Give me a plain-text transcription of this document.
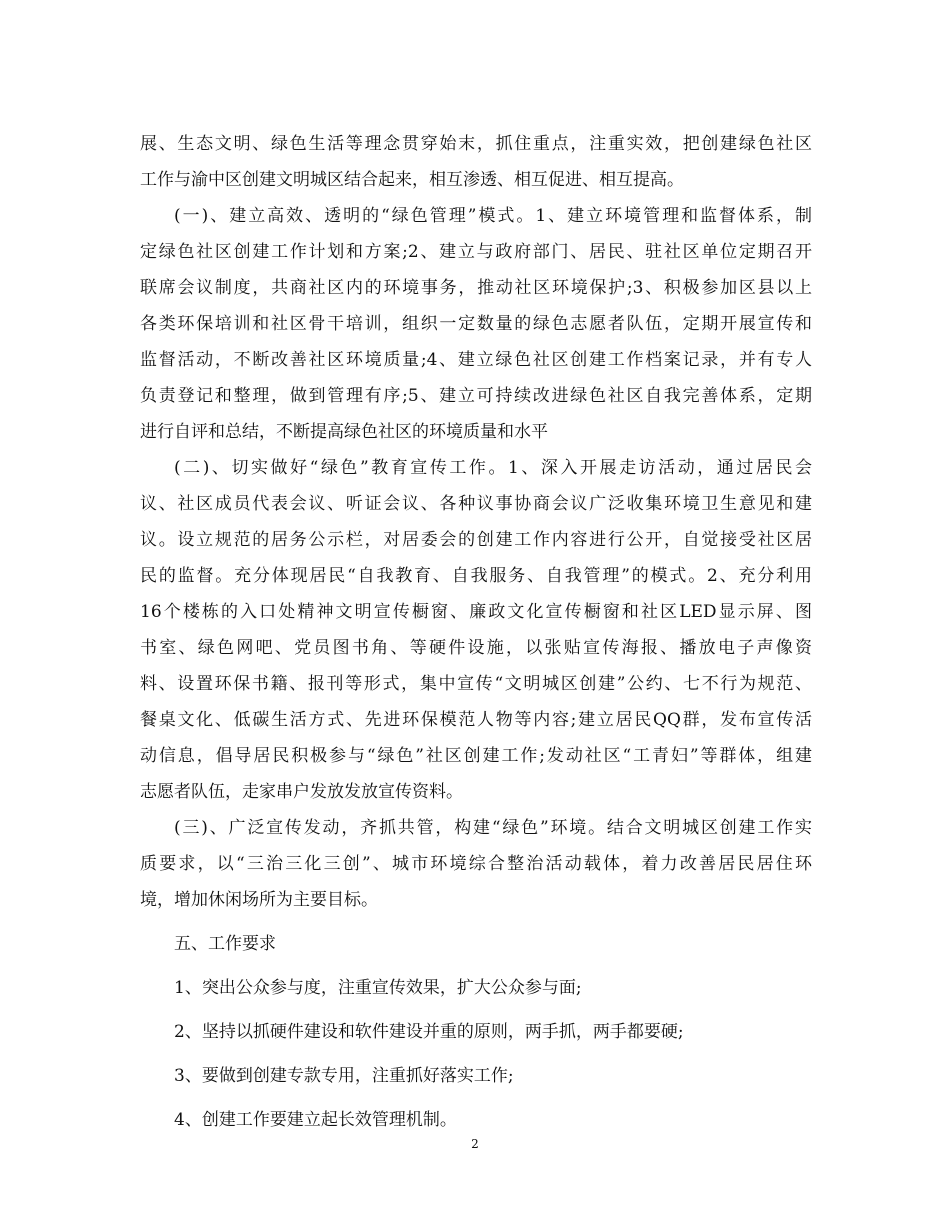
展、生态文明、绿色生活等理念贯穿始末，抓住重点，注重实效，把创建绿色社区
工作与渝中区创建文明城区结合起来，相互渗透、相互促进、相互提高。
(一)、建立高效、透明的“绿色管理”模式。1、建立环境管理和监督体系，制
定绿色社区创建工作计划和方案;2、建立与政府部门、居民、驻社区单位定期召开
联席会议制度，共商社区内的环境事务，推动社区环境保护;3、积极参加区县以上
各类环保培训和社区骨干培训，组织一定数量的绿色志愿者队伍，定期开展宣传和
监督活动，不断改善社区环境质量;4、建立绿色社区创建工作档案记录，并有专人
负责登记和整理，做到管理有序;5、建立可持续改进绿色社区自我完善体系，定期
进行自评和总结，不断提高绿色社区的环境质量和水平
(二)、切实做好“绿色”教育宣传工作。1、深入开展走访活动，通过居民会
议、社区成员代表会议、听证会议、各种议事协商会议广泛收集环境卫生意见和建
议。设立规范的居务公示栏，对居委会的创建工作内容进行公开，自觉接受社区居
民的监督。充分体现居民“自我教育、自我服务、自我管理”的模式。2、充分利用
16个楼栋的入口处精神文明宣传橱窗、廉政文化宣传橱窗和社区LED显示屏、图
书室、绿色网吧、党员图书角、等硬件设施，以张贴宣传海报、播放电子声像资
料、设置环保书籍、报刊等形式，集中宣传“文明城区创建”公约、七不行为规范、
餐桌文化、低碳生活方式、先进环保模范人物等内容;建立居民QQ群，发布宣传活
动信息，倡导居民积极参与“绿色”社区创建工作;发动社区“工青妇”等群体，组建
志愿者队伍，走家串户发放发放宣传资料。
(三)、广泛宣传发动，齐抓共管，构建“绿色”环境。结合文明城区创建工作实
质要求，以“三治三化三创”、城市环境综合整治活动载体，着力改善居民居住环
境，增加休闲场所为主要目标。
五、工作要求
1、突出公众参与度，注重宣传效果，扩大公众参与面;
2、坚持以抓硬件建设和软件建设并重的原则，两手抓，两手都要硬;
3、要做到创建专款专用，注重抓好落实工作;
4、创建工作要建立起长效管理机制。
2
